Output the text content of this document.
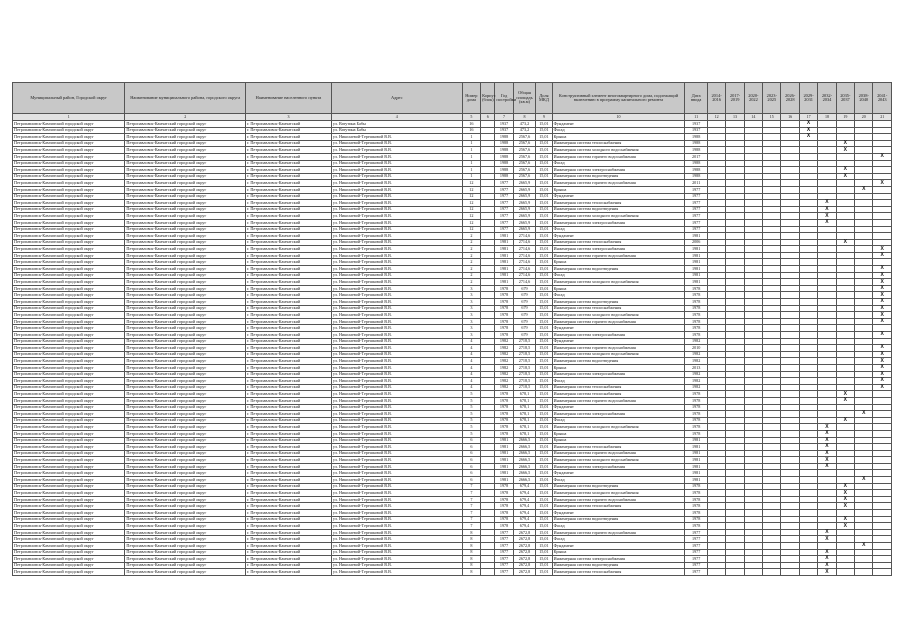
Муниципальный район, Городской округ	Наименование муниципального района, городского округа	Наименование населенного пункта	Адрес	Номер дома	Корпус (блок)	Год постройки	Общая площадь (кв.м)	Доля МКД	Конструктивный элемент многоквартирного дома, подлежащий включению в программу капитального ремонта	Дата ввода	2014-2016	2017-2019	2020-2022	2023-2025	2026-2028	2029-2031	2032-2034	2035-2037	2038-2040	2041-2043
1	2	3	4	5	6	7	8	9	10	11	12	13	14	15	16	17	18	19	20	21
Петропавловск-Камчатский городской округ	Петропавловск-Камчатский городской округ	г. Петропавловск-Камчатский	ул. Ватутина Бабы	16		1937	473,2	15,01	Фундамент	1937						X				
Петропавловск-Камчатский городской округ	Петропавловск-Камчатский городской округ	г. Петропавловск-Камчатский	ул. Ватутина Бабы	16		1937	473,2	15,01	Фасад	1937						X				
Петропавловск-Камчатский городской округ	Петропавловск-Камчатский городской округ	г. Петропавловск-Камчатский	ул. Николаевой-Терешковой В.В.	1		1988	2567,6	15,01	Крыша	1988						X				
Петропавловск-Камчатский городской округ	Петропавловск-Камчатский городской округ	г. Петропавловск-Камчатский	ул. Николаевой-Терешковой В.В.	1		1988	2567,6	15,01	Инженерная система теплоснабжения	1988								X		
Петропавловск-Камчатский городской округ	Петропавловск-Камчатский городской округ	г. Петропавловск-Камчатский	ул. Николаевой-Терешковой В.В.	1		1988	2567,6	15,01	Инженерная система холодного водоснабжения	1988								X		
Петропавловск-Камчатский городской округ	Петропавловск-Камчатский городской округ	г. Петропавловск-Камчатский	ул. Николаевой-Терешковой В.В.	1		1988	2567,6	15,01	Инженерная система горячего водоснабжения	2017										X
Петропавловск-Камчатский городской округ	Петропавловск-Камчатский городской округ	г. Петропавловск-Камчатский	ул. Николаевой-Терешковой В.В.	1		1988	2567,6	15,01	Фасад	1988										
Петропавловск-Камчатский городской округ	Петропавловск-Камчатский городской округ	г. Петропавловск-Камчатский	ул. Николаевой-Терешковой В.В.	1		1988	2567,6	15,01	Инженерная система электроснабжения	1988								X		
Петропавловск-Камчатский городской округ	Петропавловск-Камчатский городской округ	г. Петропавловск-Камчатский	ул. Николаевой-Терешковой В.В.	1		1988	2567,6	15,01	Инженерная система водоотведения	1988								X		
Петропавловск-Камчатский городской округ	Петропавловск-Камчатский городской округ	г. Петропавловск-Камчатский	ул. Николаевой-Терешковой В.В.	12		1977	2665,9	15,01	Инженерная система горячего водоснабжения	2011										X
Петропавловск-Камчатский городской округ	Петропавловск-Камчатский городской округ	г. Петропавловск-Камчатский	ул. Николаевой-Терешковой В.В.	12		1977	2665,9	15,01	Крыша	1977									X	
Петропавловск-Камчатский городской округ	Петропавловск-Камчатский городской округ	г. Петропавловск-Камчатский	ул. Николаевой-Терешковой В.В.	12		1977	2665,9	15,01	Фундамент	1977										
Петропавловск-Камчатский городской округ	Петропавловск-Камчатский городской округ	г. Петропавловск-Камчатский	ул. Николаевой-Терешковой В.В.	12		1977	2665,9	15,01	Инженерная система теплоснабжения	1977							X			
Петропавловск-Камчатский городской округ	Петропавловск-Камчатский городской округ	г. Петропавловск-Камчатский	ул. Николаевой-Терешковой В.В.	12		1977	2665,9	15,01	Инженерная система водоотведения	1977							X			
Петропавловск-Камчатский городской округ	Петропавловск-Камчатский городской округ	г. Петропавловск-Камчатский	ул. Николаевой-Терешковой В.В.	12		1977	2665,9	15,01	Инженерная система холодного водоснабжения	1977							X			
Петропавловск-Камчатский городской округ	Петропавловск-Камчатский городской округ	г. Петропавловск-Камчатский	ул. Николаевой-Терешковой В.В.	12		1977	2665,9	15,01	Инженерная система электроснабжения	1977							X			
Петропавловск-Камчатский городской округ	Петропавловск-Камчатский городской округ	г. Петропавловск-Камчатский	ул. Николаевой-Терешковой В.В.	12		1977	2665,9	15,01	Фасад	1977										
Петропавловск-Камчатский городской округ	Петропавловск-Камчатский городской округ	г. Петропавловск-Камчатский	ул. Николаевой-Терешковой В.В.	2		1981	2714,6	15,01	Фундамент	1981										
Петропавловск-Камчатский городской округ	Петропавловск-Камчатский городской округ	г. Петропавловск-Камчатский	ул. Николаевой-Терешковой В.В.	2		1981	2714,6	15,01	Инженерная система теплоснабжения	2006								X		
Петропавловск-Камчатский городской округ	Петропавловск-Камчатский городской округ	г. Петропавловск-Камчатский	ул. Николаевой-Терешковой В.В.	2		1981	2714,6	15,01	Инженерная система электроснабжения	1981										X
Петропавловск-Камчатский городской округ	Петропавловск-Камчатский городской округ	г. Петропавловск-Камчатский	ул. Николаевой-Терешковой В.В.	2		1981	2714,6	15,01	Инженерная система горячего водоснабжения	1981										X
Петропавловск-Камчатский городской округ	Петропавловск-Камчатский городской округ	г. Петропавловск-Камчатский	ул. Николаевой-Терешковой В.В.	2		1981	2714,6	15,01	Крыша	1981										
Петропавловск-Камчатский городской округ	Петропавловск-Камчатский городской округ	г. Петропавловск-Камчатский	ул. Николаевой-Терешковой В.В.	2		1981	2714,6	15,01	Инженерная система водоотведения	1981										X
Петропавловск-Камчатский городской округ	Петропавловск-Камчатский городской округ	г. Петропавловск-Камчатский	ул. Николаевой-Терешковой В.В.	2		1981	2714,6	15,01	Фасад	1981										X
Петропавловск-Камчатский городской округ	Петропавловск-Камчатский городской округ	г. Петропавловск-Камчатский	ул. Николаевой-Терешковой В.В.	2		1981	2714,6	15,01	Инженерная система холодного водоснабжения	1981										X
Петропавловск-Камчатский городской округ	Петропавловск-Камчатский городской округ	г. Петропавловск-Камчатский	ул. Николаевой-Терешковой В.В.	3		1978	679	15,01	Крыша	1978										X
Петропавловск-Камчатский городской округ	Петропавловск-Камчатский городской округ	г. Петропавловск-Камчатский	ул. Николаевой-Терешковой В.В.	3		1978	679	15,01	Фасад	1978										X
Петропавловск-Камчатский городской округ	Петропавловск-Камчатский городской округ	г. Петропавловск-Камчатский	ул. Николаевой-Терешковой В.В.	3		1978	679	15,01	Инженерная система водоотведения	1978										X
Петропавловск-Камчатский городской округ	Петропавловск-Камчатский городской округ	г. Петропавловск-Камчатский	ул. Николаевой-Терешковой В.В.	3		1978	679	15,01	Инженерная система теплоснабжения	1978										X
Петропавловск-Камчатский городской округ	Петропавловск-Камчатский городской округ	г. Петропавловск-Камчатский	ул. Николаевой-Терешковой В.В.	3		1978	679	15,01	Инженерная система холодного водоснабжения	1978										X
Петропавловск-Камчатский городской округ	Петропавловск-Камчатский городской округ	г. Петропавловск-Камчатский	ул. Николаевой-Терешковой В.В.	3		1978	679	15,01	Инженерная система горячего водоснабжения	1978										X
Петропавловск-Камчатский городской округ	Петропавловск-Камчатский городской округ	г. Петропавловск-Камчатский	ул. Николаевой-Терешковой В.В.	3		1978	679	15,01	Фундамент	1978										
Петропавловск-Камчатский городской округ	Петропавловск-Камчатский городской округ	г. Петропавловск-Камчатский	ул. Николаевой-Терешковой В.В.	3		1978	679	15,01	Инженерная система электроснабжения	1978										X
Петропавловск-Камчатский городской округ	Петропавловск-Камчатский городской округ	г. Петропавловск-Камчатский	ул. Николаевой-Терешковой В.В.	4		1982	2718,5	15,01	Фундамент	1982										
Петропавловск-Камчатский городской округ	Петропавловск-Камчатский городской округ	г. Петропавловск-Камчатский	ул. Николаевой-Терешковой В.В.	4		1982	2718,5	15,01	Инженерная система горячего водоснабжения	2010										X
Петропавловск-Камчатский городской округ	Петропавловск-Камчатский городской округ	г. Петропавловск-Камчатский	ул. Николаевой-Терешковой В.В.	4		1982	2718,5	15,01	Инженерная система холодного водоснабжения	1982										X
Петропавловск-Камчатский городской округ	Петропавловск-Камчатский городской округ	г. Петропавловск-Камчатский	ул. Николаевой-Терешковой В.В.	4		1982	2718,5	15,01	Инженерная система водоотведения	1982										X
Петропавловск-Камчатский городской округ	Петропавловск-Камчатский городской округ	г. Петропавловск-Камчатский	ул. Николаевой-Терешковой В.В.	4		1982	2718,5	15,01	Крыша	2013										X
Петропавловск-Камчатский городской округ	Петропавловск-Камчатский городской округ	г. Петропавловск-Камчатский	ул. Николаевой-Терешковой В.В.	4		1982	2718,5	15,01	Инженерная система электроснабжения	1982										X
Петропавловск-Камчатский городской округ	Петропавловск-Камчатский городской округ	г. Петропавловск-Камчатский	ул. Николаевой-Терешковой В.В.	4		1982	2718,5	15,01	Фасад	1982										X
Петропавловск-Камчатский городской округ	Петропавловск-Камчатский городской округ	г. Петропавловск-Камчатский	ул. Николаевой-Терешковой В.В.	4		1982	2718,5	15,01	Инженерная система теплоснабжения	1982										X
Петропавловск-Камчатский городской округ	Петропавловск-Камчатский городской округ	г. Петропавловск-Камчатский	ул. Николаевой-Терешковой В.В.	5		1978	678,1	15,01	Инженерная система теплоснабжения	1978								X		
Петропавловск-Камчатский городской округ	Петропавловск-Камчатский городской округ	г. Петропавловск-Камчатский	ул. Николаевой-Терешковой В.В.	5		1978	678,1	15,01	Инженерная система горячего водоснабжения	1978								X		
Петропавловск-Камчатский городской округ	Петропавловск-Камчатский городской округ	г. Петропавловск-Камчатский	ул. Николаевой-Терешковой В.В.	5		1978	678,1	15,01	Фундамент	1978										
Петропавловск-Камчатский городской округ	Петропавловск-Камчатский городской округ	г. Петропавловск-Камчатский	ул. Николаевой-Терешковой В.В.	5		1978	678,1	15,01	Инженерная система электроснабжения	1978									X	
Петропавловск-Камчатский городской округ	Петропавловск-Камчатский городской округ	г. Петропавловск-Камчатский	ул. Николаевой-Терешковой В.В.	5		1978	678,1	15,01	Фасад	1978								X		
Петропавловск-Камчатский городской округ	Петропавловск-Камчатский городской округ	г. Петропавловск-Камчатский	ул. Николаевой-Терешковой В.В.	5		1978	678,1	15,01	Инженерная система холодного водоснабжения	1978							X			
Петропавловск-Камчатский городской округ	Петропавловск-Камчатский городской округ	г. Петропавловск-Камчатский	ул. Николаевой-Терешковой В.В.	5		1978	678,1	15,01	Крыша	1978							X			
Петропавловск-Камчатский городской округ	Петропавловск-Камчатский городской округ	г. Петропавловск-Камчатский	ул. Николаевой-Терешковой В.В.	6		1981	2666,5	15,01	Крыша	1981							X			
Петропавловск-Камчатский городской округ	Петропавловск-Камчатский городской округ	г. Петропавловск-Камчатский	ул. Николаевой-Терешковой В.В.	6		1981	2666,5	15,01	Инженерная система теплоснабжения	1981							X			
Петропавловск-Камчатский городской округ	Петропавловск-Камчатский городской округ	г. Петропавловск-Камчатский	ул. Николаевой-Терешковой В.В.	6		1981	2666,5	15,01	Инженерная система горячего водоснабжения	1981							X			
Петропавловск-Камчатский городской округ	Петропавловск-Камчатский городской округ	г. Петропавловск-Камчатский	ул. Николаевой-Терешковой В.В.	6		1981	2666,5	15,01	Инженерная система холодного водоснабжения	1981							X			
Петропавловск-Камчатский городской округ	Петропавловск-Камчатский городской округ	г. Петропавловск-Камчатский	ул. Николаевой-Терешковой В.В.	6		1981	2666,5	15,01	Инженерная система электроснабжения	1981							X			
Петропавловск-Камчатский городской округ	Петропавловск-Камчатский городской округ	г. Петропавловск-Камчатский	ул. Николаевой-Терешковой В.В.	6		1981	2666,5	15,01	Фундамент	1981										
Петропавловск-Камчатский городской округ	Петропавловск-Камчатский городской округ	г. Петропавловск-Камчатский	ул. Николаевой-Терешковой В.В.	6		1981	2666,5	15,01	Фасад	1981									X	
Петропавловск-Камчатский городской округ	Петропавловск-Камчатский городской округ	г. Петропавловск-Камчатский	ул. Николаевой-Терешковой В.В.	7		1978	679,4	15,01	Инженерная система водоотведения	1978								X		
Петропавловск-Камчатский городской округ	Петропавловск-Камчатский городской округ	г. Петропавловск-Камчатский	ул. Николаевой-Терешковой В.В.	7		1978	679,4	15,01	Инженерная система холодного водоснабжения	1978								X		
Петропавловск-Камчатский городской округ	Петропавловск-Камчатский городской округ	г. Петропавловск-Камчатский	ул. Николаевой-Терешковой В.В.	7		1978	679,4	15,01	Инженерная система горячего водоснабжения	1978								X		
Петропавловск-Камчатский городской округ	Петропавловск-Камчатский городской округ	г. Петропавловск-Камчатский	ул. Николаевой-Терешковой В.В.	7		1978	679,4	15,01	Инженерная система теплоснабжения	1978								X		
Петропавловск-Камчатский городской округ	Петропавловск-Камчатский городской округ	г. Петропавловск-Камчатский	ул. Николаевой-Терешковой В.В.	7		1978	679,4	15,01	Фундамент	1978										
Петропавловск-Камчатский городской округ	Петропавловск-Камчатский городской округ	г. Петропавловск-Камчатский	ул. Николаевой-Терешковой В.В.	7		1978	679,4	15,01	Инженерная система водоотведения	1978								X		
Петропавловск-Камчатский городской округ	Петропавловск-Камчатский городской округ	г. Петропавловск-Камчатский	ул. Николаевой-Терешковой В.В.	7		1978	679,4	15,01	Фасад	1978								X		
Петропавловск-Камчатский городской округ	Петропавловск-Камчатский городской округ	г. Петропавловск-Камчатский	ул. Николаевой-Терешковой В.В.	8		1977	2672,8	15,01	Инженерная система горячего водоснабжения	1977							X			
Петропавловск-Камчатский городской округ	Петропавловск-Камчатский городской округ	г. Петропавловск-Камчатский	ул. Николаевой-Терешковой В.В.	8		1977	2672,8	15,01	Фасад	1977							X			
Петропавловск-Камчатский городской округ	Петропавловск-Камчатский городской округ	г. Петропавловск-Камчатский	ул. Николаевой-Терешковой В.В.	8		1977	2672,8	15,01	Фундамент	1977									X	
Петропавловск-Камчатский городской округ	Петропавловск-Камчатский городской округ	г. Петропавловск-Камчатский	ул. Николаевой-Терешковой В.В.	8		1977	2672,8	15,01	Крыша	1977							X			
Петропавловск-Камчатский городской округ	Петропавловск-Камчатский городской округ	г. Петропавловск-Камчатский	ул. Николаевой-Терешковой В.В.	8		1977	2672,8	15,01	Инженерная система электроснабжения	1977							X			
Петропавловск-Камчатский городской округ	Петропавловск-Камчатский городской округ	г. Петропавловск-Камчатский	ул. Николаевой-Терешковой В.В.	8		1977	2672,8	15,01	Инженерная система водоотведения	1977							X			
Петропавловск-Камчатский городской округ	Петропавловск-Камчатский городской округ	г. Петропавловск-Камчатский	ул. Николаевой-Терешковой В.В.	8		1977	2672,8	15,01	Инженерная система теплоснабжения	1977							X			
